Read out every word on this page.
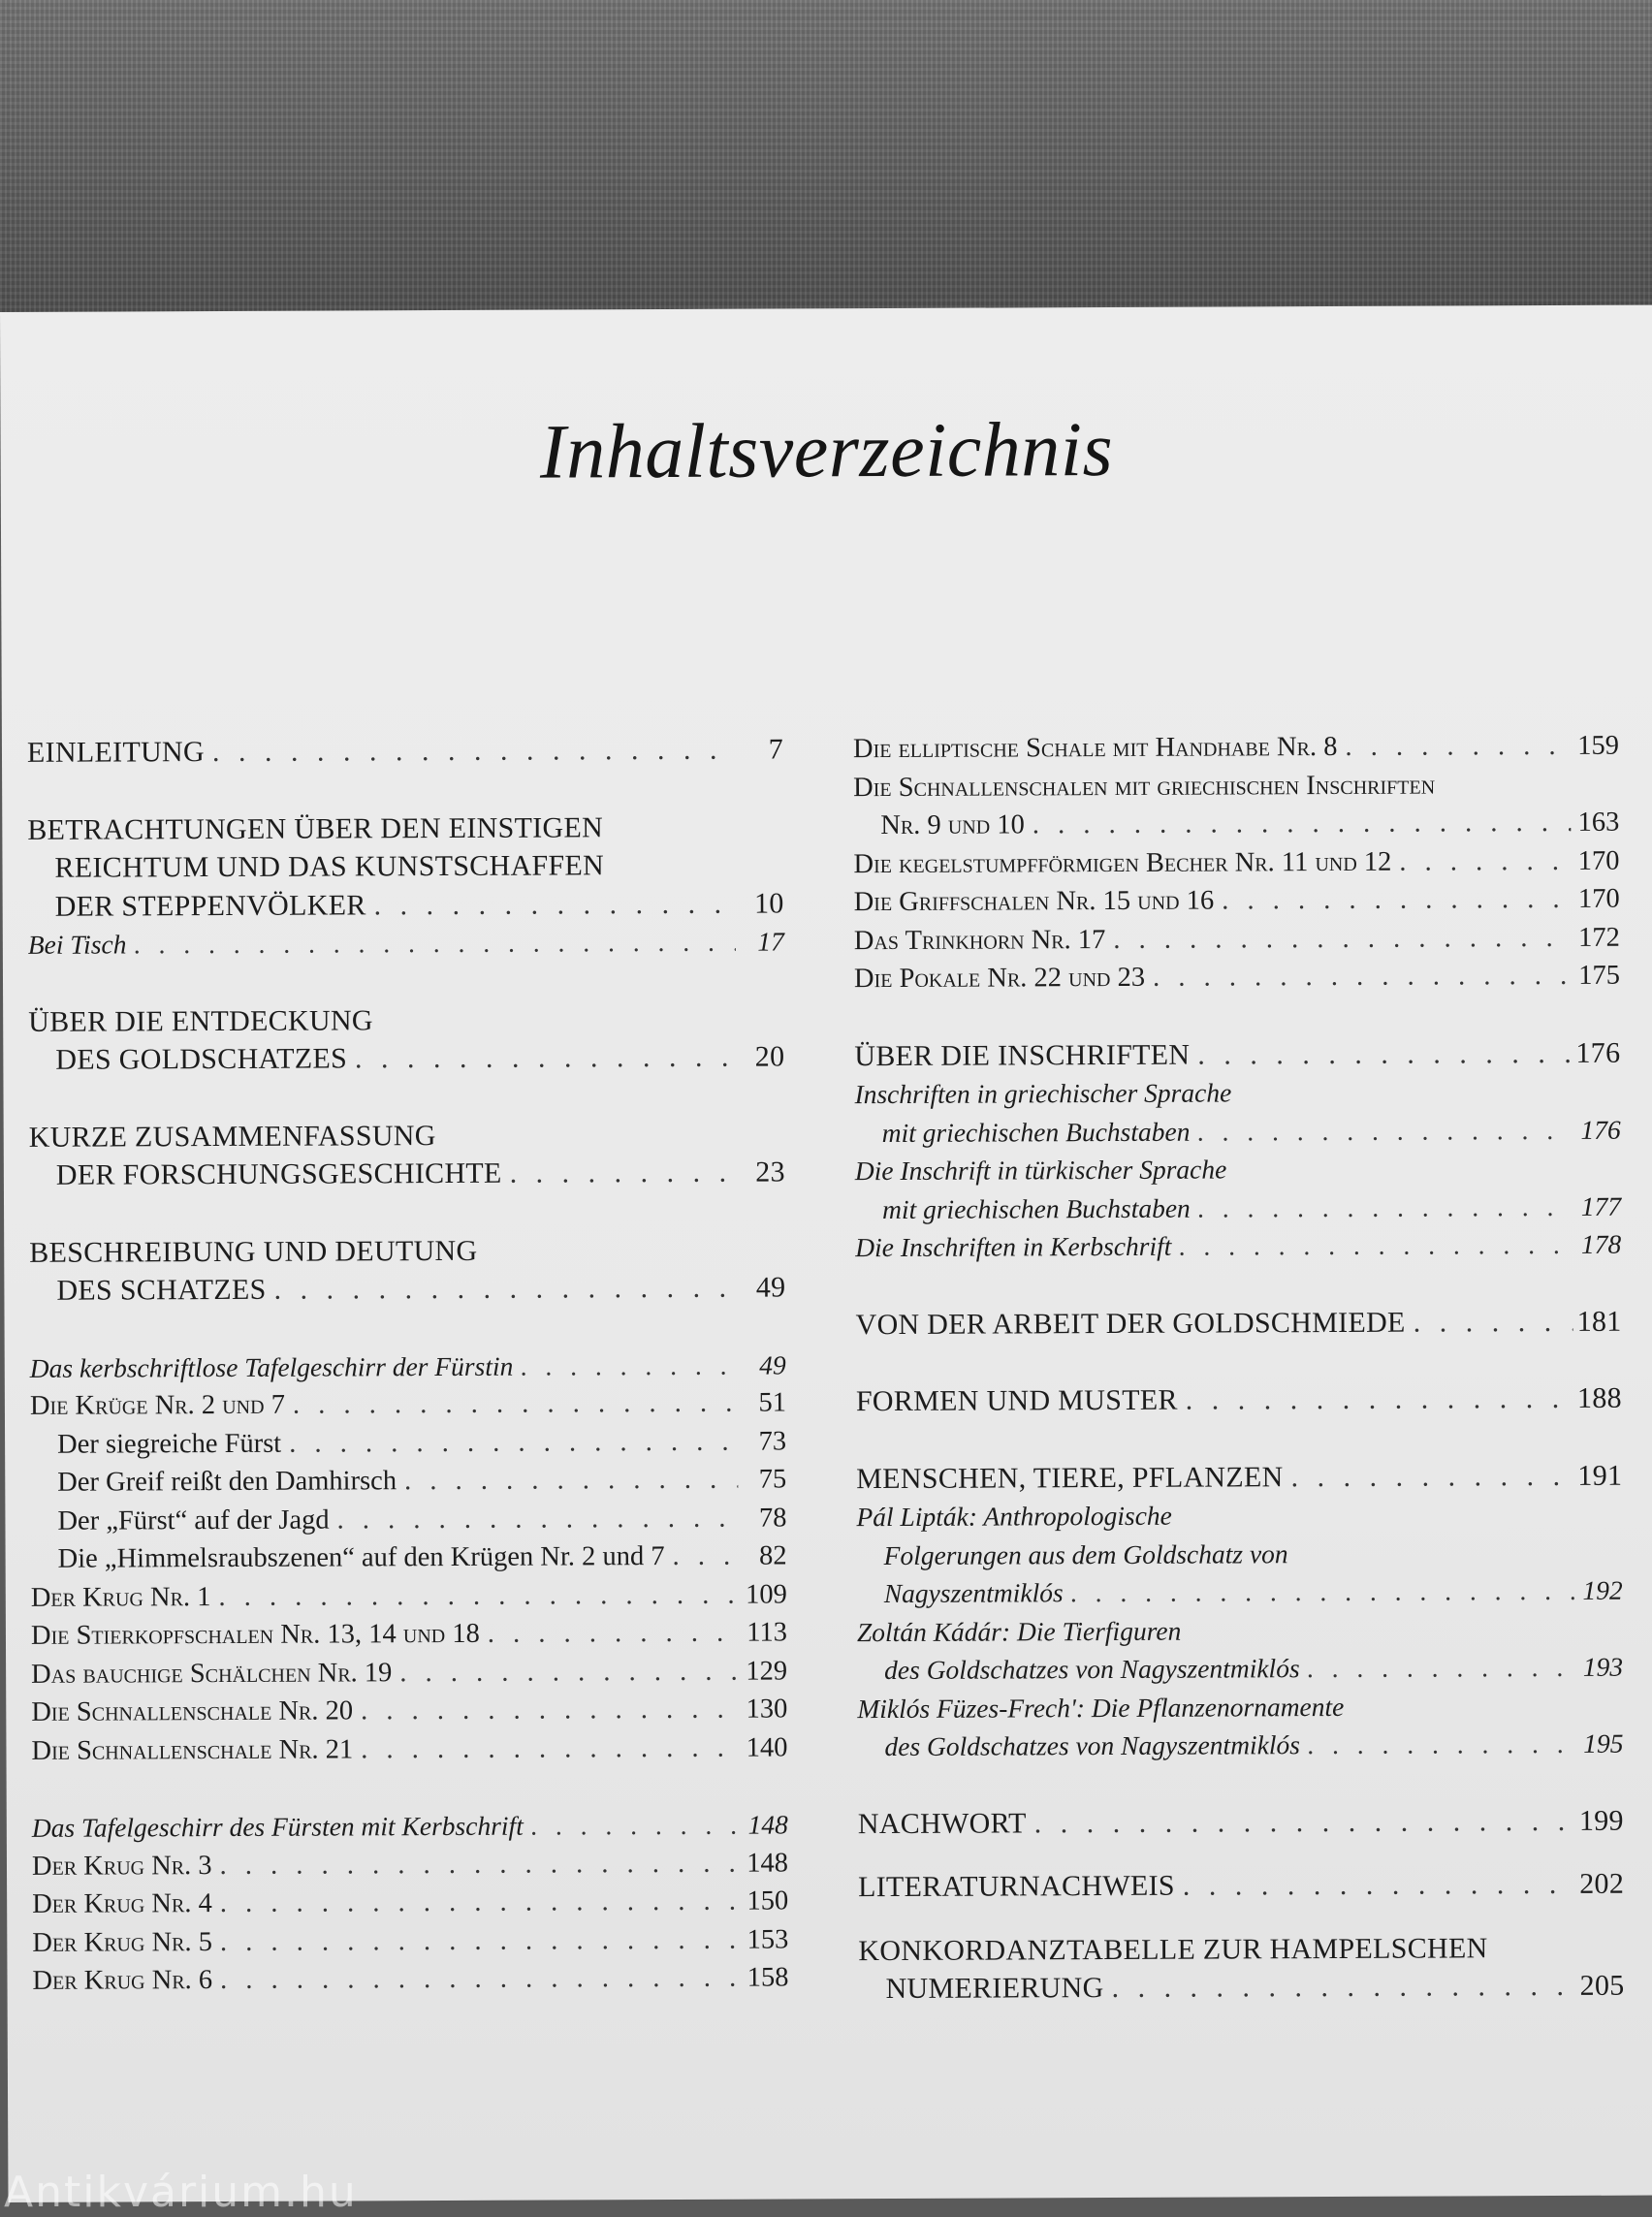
Inhaltsverzeichnis
EINLEITUNG . . .	7
BETRACHTUNGEN ÜBER DEN EINSTIGEN
REICHTUM UND DAS KUNSTSCHAFFEN
DER STEPPENVÖLKER . . .	10
Bei Tisch . . .	17
ÜBER DIE ENTDECKUNG
DES GOLDSCHATZES . . .	20
KURZE ZUSAMMENFASSUNG
DER FORSCHUNGSGESCHICHTE . . .	23
BESCHREIBUNG UND DEUTUNG
DES SCHATZES . . .	49
Das kerbschriftlose Tafelgeschirr der Fürstin . . .	49
Die Krüge Nr. 2 und 7 . . .	51
Der siegreiche Fürst . . .	73
Der Greif reißt den Damhirsch . . .	75
Der „Fürst“ auf der Jagd . . .	78
Die „Himmelsraubszenen“ auf den Krügen Nr. 2 und 7 . . .	82
Der Krug Nr. 1 . . .	109
Die Stierkopfschalen Nr. 13, 14 und 18 . . .	113
Das bauchige Schälchen Nr. 19 . . .	129
Die Schnallenschale Nr. 20 . . .	130
Die Schnallenschale Nr. 21 . . .	140
Das Tafelgeschirr des Fürsten mit Kerbschrift . . .	148
Der Krug Nr. 3 . . .	148
Der Krug Nr. 4 . . .	150
Der Krug Nr. 5 . . .	153
Der Krug Nr. 6 . . .	158
Die elliptische Schale mit Handhabe Nr. 8 . . .	159
Die Schnallenschalen mit griechischen Inschriften
Nr. 9 und 10 . . .	163
Die kegelstumpfförmigen Becher Nr. 11 und 12 . . .	170
Die Griffschalen Nr. 15 und 16 . . .	170
Das Trinkhorn Nr. 17 . . .	172
Die Pokale Nr. 22 und 23 . . .	175
ÜBER DIE INSCHRIFTEN . . .	176
Inschriften in griechischer Sprache
mit griechischen Buchstaben . . .	176
Die Inschrift in türkischer Sprache
mit griechischen Buchstaben . . .	177
Die Inschriften in Kerbschrift . . .	178
VON DER ARBEIT DER GOLDSCHMIEDE . . .	181
FORMEN UND MUSTER . . .	188
MENSCHEN, TIERE, PFLANZEN . . .	191
Pál Lipták: Anthropologische
Folgerungen aus dem Goldschatz von
Nagyszentmiklós . . .	192
Zoltán Kádár: Die Tierfiguren
des Goldschatzes von Nagyszentmiklós . . .	193
Miklós Füzes-Frech': Die Pflanzenornamente
des Goldschatzes von Nagyszentmiklós . . .	195
NACHWORT . . .	199
LITERATURNACHWEIS . . .	202
KONKORDANZTABELLE ZUR HAMPELSCHEN
NUMERIERUNG . . .	205
Antikvárium.hu
